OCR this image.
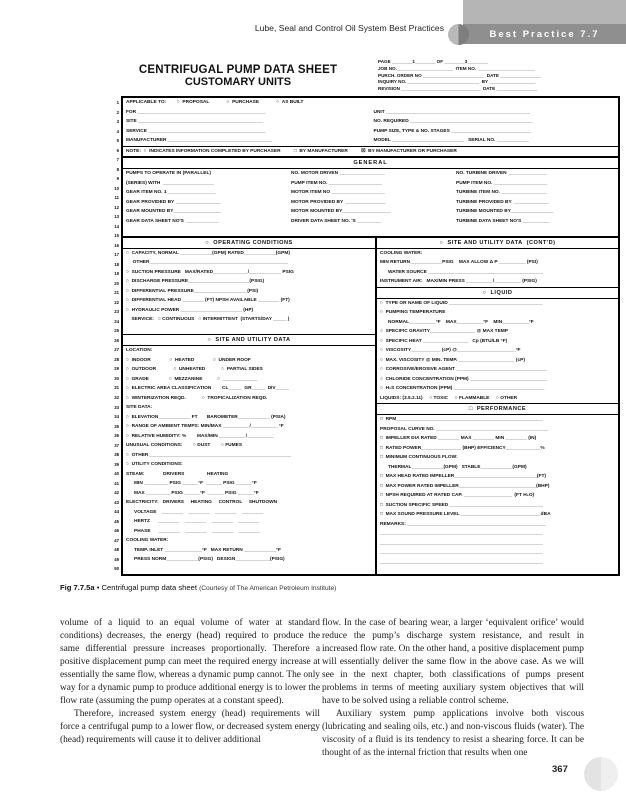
Lube, Seal and Control Oil System Best Practices
Best Practice 7.7
CENTRIFUGAL PUMP DATA SHEET
CUSTOMARY UNITS
PAGE ________1________ OF ________3________
JOB NO.______________________  ITEM NO.  ______________________
PURCH. ORDER NO ________________________  DATE ________________
INQUIRY NO. ____________________________  BY __________________
REVISION _______________________________  DATE ________________
1
2
3
4
5
6
7
8
9
10
11
12
13
14
15
16
17
18
19
20
21
22
23
24
25
26
27
28
29
30
31
32
33
34
35
36
37
38
39
40
41
42
43
44
45
46
47
48
49
50
APPLICABLE TO:        ○  PROPOSAL             ○  PURCHASE             ○  AS BUILT
FOR ________________________________________________	UNIT ______________________________________________________
SITE _______________________________________________	NO. REQUIRED ______________________________________________
SERVICE ____________________________________________	PUMP SIZE, TYPE & NO. STAGES ______________________________
MANUFACTURER _______________________________________	MODEL ___________________________   SERIAL NO. ____________
NOTE:  ○  INDICATES INFORMATION COMPLETED BY PURCHASER          □  BY MANUFACTURER          ☒  BY MANUFACTURER OR PURCHASER
GENERAL
PUMPS TO OPERATE IN (PARALLEL)	NO. MOTOR DRIVEN _________________	NO. TURBINE DRIVEN  ______________
(SERIES) WITH  ___________________	PUMP ITEM NO. ____________________	PUMP ITEM NO. ____________________
GEAR ITEM NO. 1 __________________	MOTOR ITEM NO ____________________	TURBINE ITEM NO. _________________
GEAR PROVIDED BY _________________	MOTOR PROVIDED BY  _______________	TURBINE PROVIDED BY  _____________
GEAR MOUNTED BY__________________	MOTOR MOUNTED BY__________________	TURBINE MOUNTED BY________________
GEAR DATA SHEET NO'S  ____________	DRIVER DATA SHEET NO. 'S _________	TURBINE DATA SHEET NO'S __________
○  OPERATING CONDITIONS
○  CAPACITY, NORMAL ____________(GPM) RATED____________(GPM)
OTHER____________________________________________________
○  SUCTION PRESSURE   MAX/RATED_____________/____________ PSIG
○  DISCHARGE PRESSURE_______________________(PSIG)
○  DIFFERENTIAL PRESSURE____________________(PSI)
○  DIFFERENTIAL HEAD ________ (FT) NPSH AVAILABLE ________ (FT)
○  HYDRAULIC POWER _______________________ (HP)
SERVICE:   ○ CONTINUOUS   ○ INTERMITTENT  (STARTS/DAY _____ )
○  SITE AND UTILITY DATA
LOCATION:
○  INDOOR              ○  HEATED              ○  UNDER ROOF
○  OUTDOOR             ○  UNHEATED            ○  PARTIAL SIDES
○  GRADE               ○  MEZZANINE           ○  _____________
○  ELECTRIC AREA CLASSIFICATION        CL_____  GR_____  DIV_____
○  WINTERIZATION REQD.            ○  TROPICALIZATION REQD.
SITE DATA:
○  ELEVATION____________ FT       BAROMETER____________ (PSIA)
○  RANGE OF AMBIENT TEMPS: MIN/MAX __________/__________ °F
○  RELATIVE HUMIDITY: %        MAX/MIN __________/__________
UNUSUAL CONDITIONS:        ○ DUST        ○ FUMES
○  OTHER _____________________________________________________
○  UTILITY CONDITIONS:
STEAM:              DRIVERS                 HEATING
MIN _________ PSIG ______°F  ______ PSIG ______°F
MAX _________ PSIG ______°F  ______ PSIG ______°F
ELECTRICITY:   DRIVERS     HEATING     CONTROL     SHUTDOWN
VOLTAGE    ________    ________    ________    ________
HERTZ      ________    ________    ________    ________
PHASE      ________    ________    ________    ________
COOLING WATER:
TEMP. INLET ______________°F   MAX RETURN ____________°F
PRESS NORM____________(PSIG)   DESIGN_____________(PSIG)
○  SITE AND UTILITY DATA  (CONT'D)
COOLING WATER:
MIN RETURN____________PSIG    MAX ALLOW Δ P __________ (PSI)
WATER SOURCE ___________________________________________
INSTRUMENT AIR:   MAX/MIN PRESS __________/__________ (PSIG)
○  LIQUID
○  TYPE OR NAME OF LIQUID ___________________________________
○  PUMPING TEMPERATURE
NORMAL__________°F    MAX__________°F    MIN__________°F
○  SPECIFIC GRAVITY_________________ @ MAX TEMP
○  SPECIFIC HEAT _________________   Cp (BTU/LB °F)
○  VISCOSITY___________ (cP) @______________________°F
○  MAX. VISCOSITY @ MIN. TEMP. _____________________ (cP)
○  CORROSIVE/EROSIVE AGENT __________________________________
○  CHLORIDE CONCENTRATION (PPM) _____________________________
○  H₂S CONCENTRATION (PPM) __________________________________
LIQUIDS: (3.5.2.11)     ○ TOXIC     ○ FLAMMABLE     ○ OTHER
□  PERFORMANCE
□  RPM_______________________________________________________
PROPOSAL CURVE NO. __________________________________________
□  IMPELLER DIA RATED ________ MAX ________ MIN ________ (IN)
□  RATED POWER_______________ (BHP) EFFICIENCY_____________%
□  MINIMUM CONTINUOUS FLOW:
THERMAL____________(GPM)   STABLE____________(GPM)
□  MAX HEAD RATED IMPELLER_______________________________(FT)
□  MAX POWER RATED IMPELLER_____________________________(BHP)
□  NPSH REQUIRED AT RATED CAP. __________________  (FT H₂O)
□  SUCTION SPECIFIC SPEED ___________________________________
□  MAX SOUND PRESSURE LEVEL ______________________________dBA
REMARKS: ____________________________________________________
_____________________________________________________________
_____________________________________________________________
_____________________________________________________________
_____________________________________________________________
Fig 7.7.5a • Centrifugal pump data sheet (Courtesy of The American Petroleum Institute)

volume of a liquid to an equal volume of water at standard conditions) decreases, the energy (head) required to produce the same differential pressure increases proportionally. Therefore a positive displacement pump can meet the required energy increase at essentially the same flow, whereas a dynamic pump cannot. The only way for a dynamic pump to produce additional energy is to lower the flow rate (assuming the pump operates at a constant speed).

Therefore, increased system energy (head) requirements will force a centrifugal pump to a lower flow, or decreased system energy (head) requirements will cause it to deliver additional

flow. In the case of bearing wear, a larger ‘equivalent orifice’ would reduce the pump’s discharge system resistance, and result in increased flow rate. On the other hand, a positive displacement pump will essentially deliver the same flow in the above case. As we will see in the next chapter, both classifications of pumps present problems in terms of meeting auxiliary system objectives that will have to be solved using a reliable control scheme.

Auxiliary system pump applications involve both viscous (lubricating and sealing oils, etc.) and non-viscous fluids (water). The viscosity of a fluid is its tendency to resist a shearing force. It can be thought of as the internal friction that results when one

367
